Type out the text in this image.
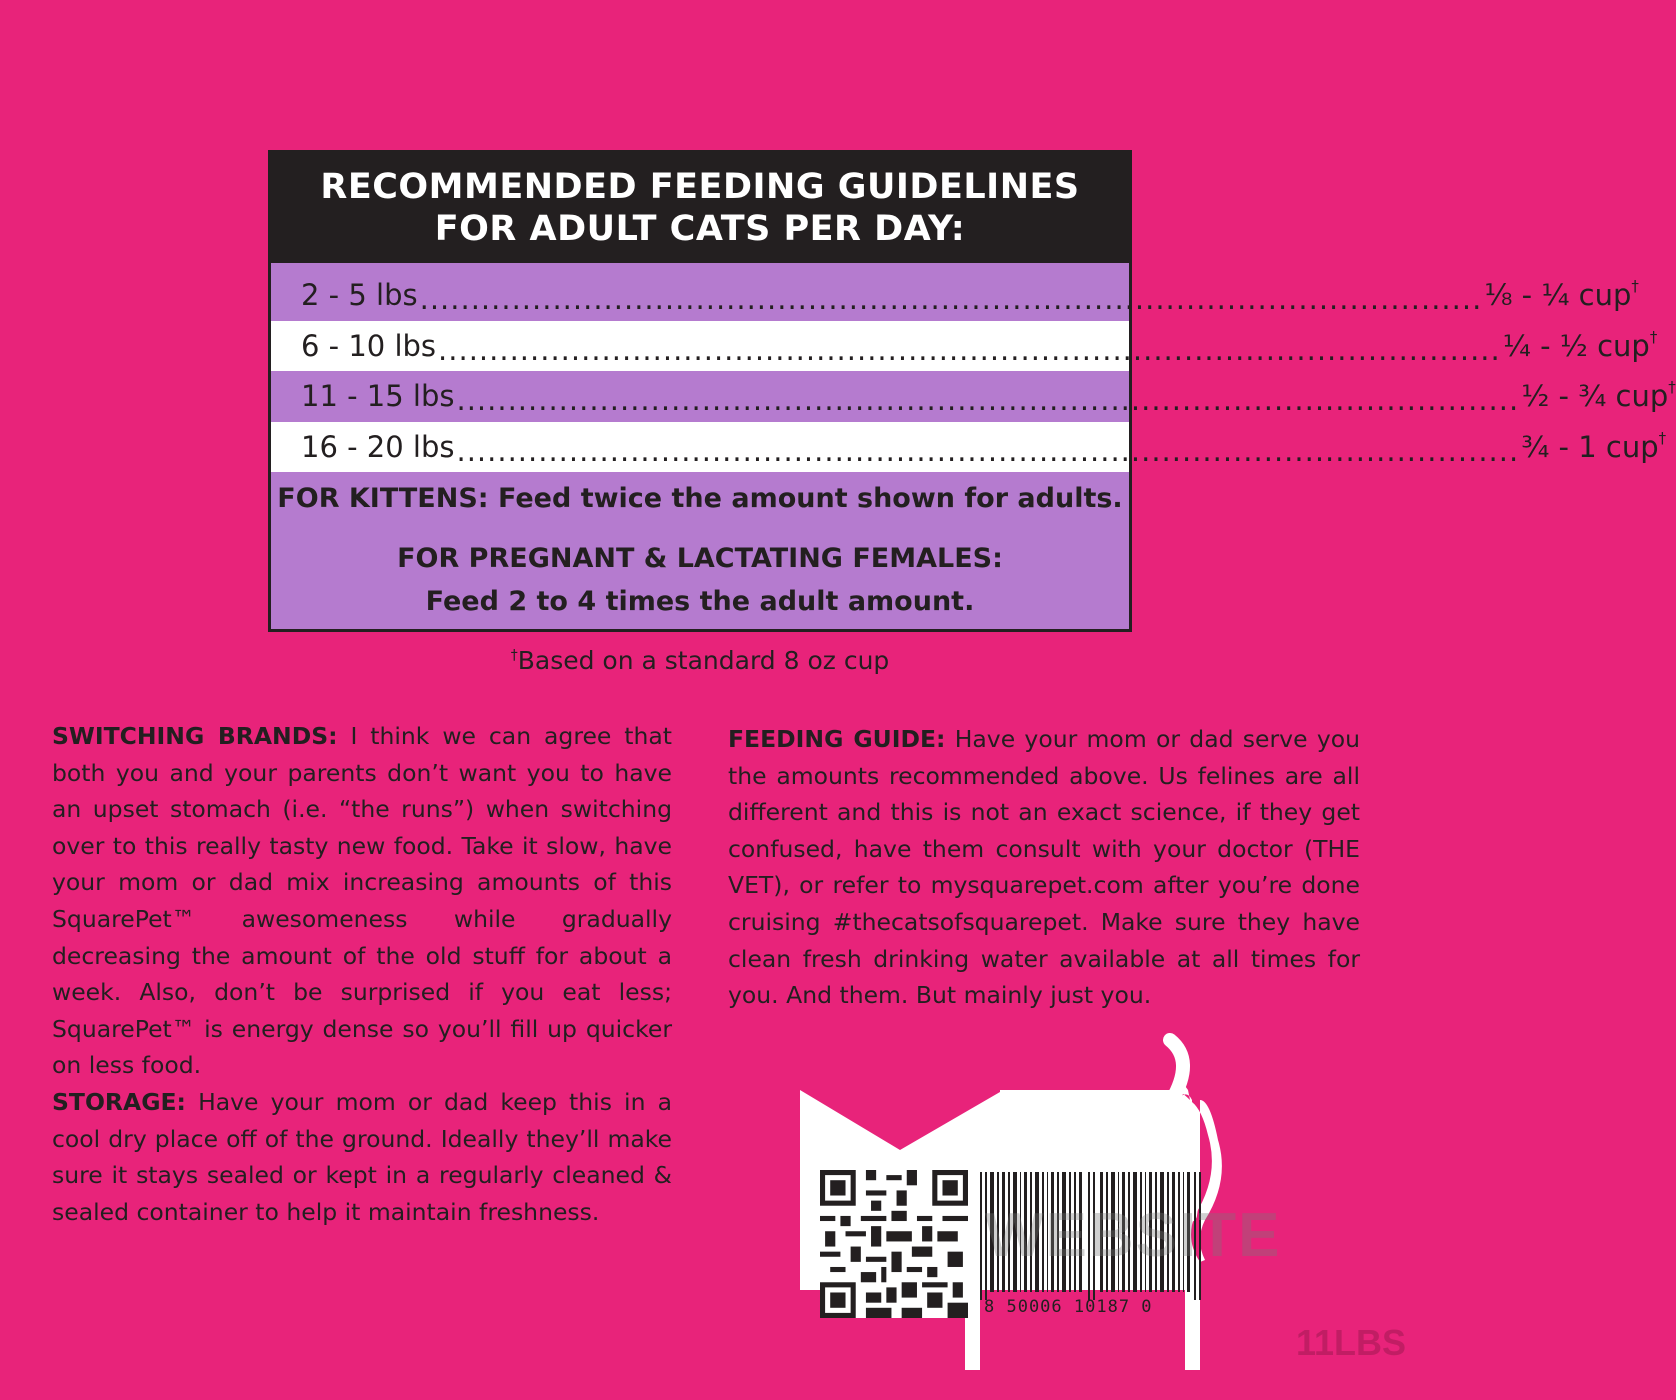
RECOMMENDED FEEDING GUIDELINES
FOR ADULT CATS PER DAY:
2 - 5 lbs ........................................................................................................ ⅛ - ¼ cup†
6 - 10 lbs ........................................................................................................ ¼ - ½ cup†
11 - 15 lbs ........................................................................................................ ½ - ¾ cup†
16 - 20 lbs ........................................................................................................ ¾ - 1 cup†
FOR KITTENS: Feed twice the amount shown for adults.
FOR PREGNANT & LACTATING FEMALES:
Feed 2 to 4 times the adult amount.
†Based on a standard 8 oz cup
SWITCHING BRANDS: I think we can agree that both you and your parents don’t want you to have an upset stomach (i.e. “the runs”) when switching over to this really tasty new food. Take it slow, have your mom or dad mix increasing amounts of this SquarePet™ awesomeness while gradually decreasing the amount of the old stuff for about a week. Also, don’t be surprised if you eat less; SquarePet™ is energy dense so you’ll fill up quicker on less food.
FEEDING GUIDE: Have your mom or dad serve you the amounts recommended above. Us felines are all different and this is not an exact science, if they get confused, have them consult with your doctor (THE VET), or refer to mysquarepet.com after you’re done cruising #thecatsofsquarepet. Make sure they have clean fresh drinking water available at all times for you. And them. But mainly just you.
STORAGE: Have your mom or dad keep this in a cool dry place off of the ground. Ideally they’ll make sure it stays sealed or kept in a regularly cleaned & sealed container to help it maintain freshness.	WEBSITE
8 50006 10187 0
11LBS
